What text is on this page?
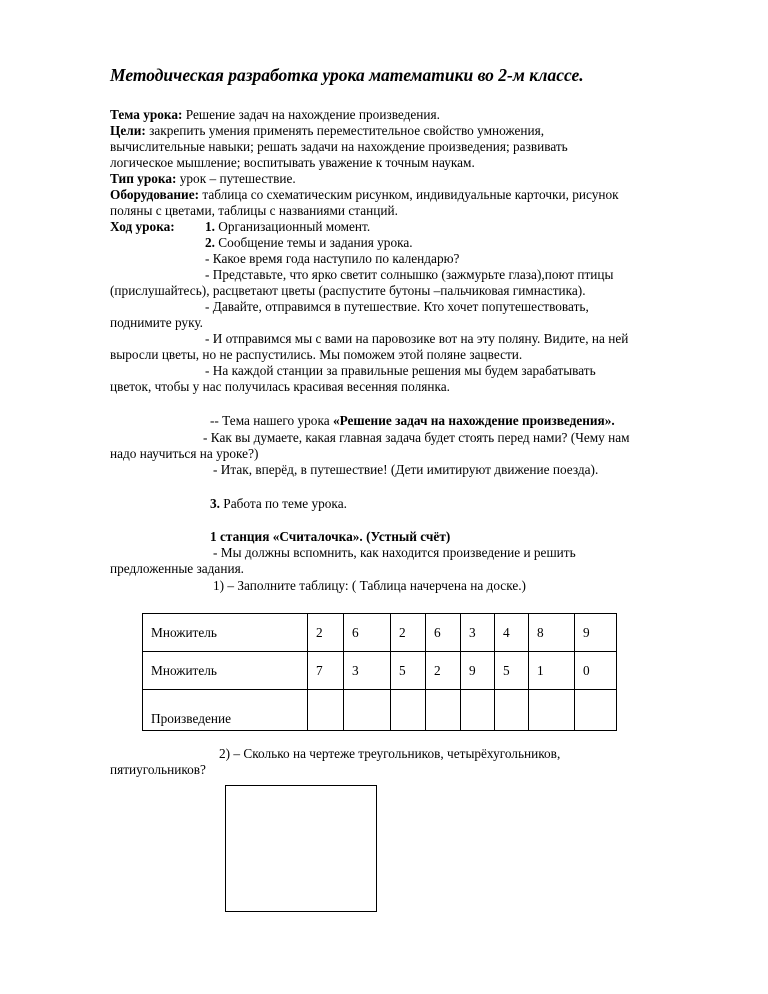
Методическая разработка урока математики во 2-м классе.
Тема урока: Решение задач на нахождение произведения.
Цели: закрепить умения применять переместительное свойство умножения,
вычислительные навыки; решать задачи на нахождение произведения; развивать
логическое мышление; воспитывать уважение к точным наукам.
Тип урока: урок – путешествие.
Оборудование: таблица со схематическим рисунком, индивидуальные карточки, рисунок
поляны с цветами, таблицы с названиями станций.
Ход урока: 1. Организационный момент.
2. Сообщение темы и задания урока.
- Какое время года наступило по календарю?
- Представьте, что ярко светит солнышко (зажмурьте глаза),поют птицы
(прислушайтесь), расцветают цветы (распустите бутоны –пальчиковая гимнастика).
- Давайте, отправимся в путешествие. Кто хочет попутешествовать,
поднимите руку.
- И отправимся мы с вами на паровозике вот на эту поляну. Видите, на ней
выросли цветы, но не распустились. Мы поможем этой поляне зацвести.
- На каждой станции за правильные решения мы будем зарабатывать
цветок, чтобы у нас получилась красивая весенняя полянка.
-- Тема нашего урока «Решение задач на нахождение произведения».
- Как вы думаете, какая главная задача будет стоять перед нами? (Чему нам
надо научиться на уроке?)
- Итак, вперёд, в путешествие! (Дети имитируют движение поезда).
3. Работа по теме урока.
1 станция «Считалочка». (Устный счёт)
- Мы должны вспомнить, как находится произведение и решить
предложенные задания.
1) – Заполните таблицу: ( Таблица начерчена на доске.)
Множитель	2	6	2	6	3	4	8	9
Множитель	7	3	5	2	9	5	1	0
Произведение								
2) – Сколько на чертеже треугольников, четырёхугольников,
пятиугольников?
